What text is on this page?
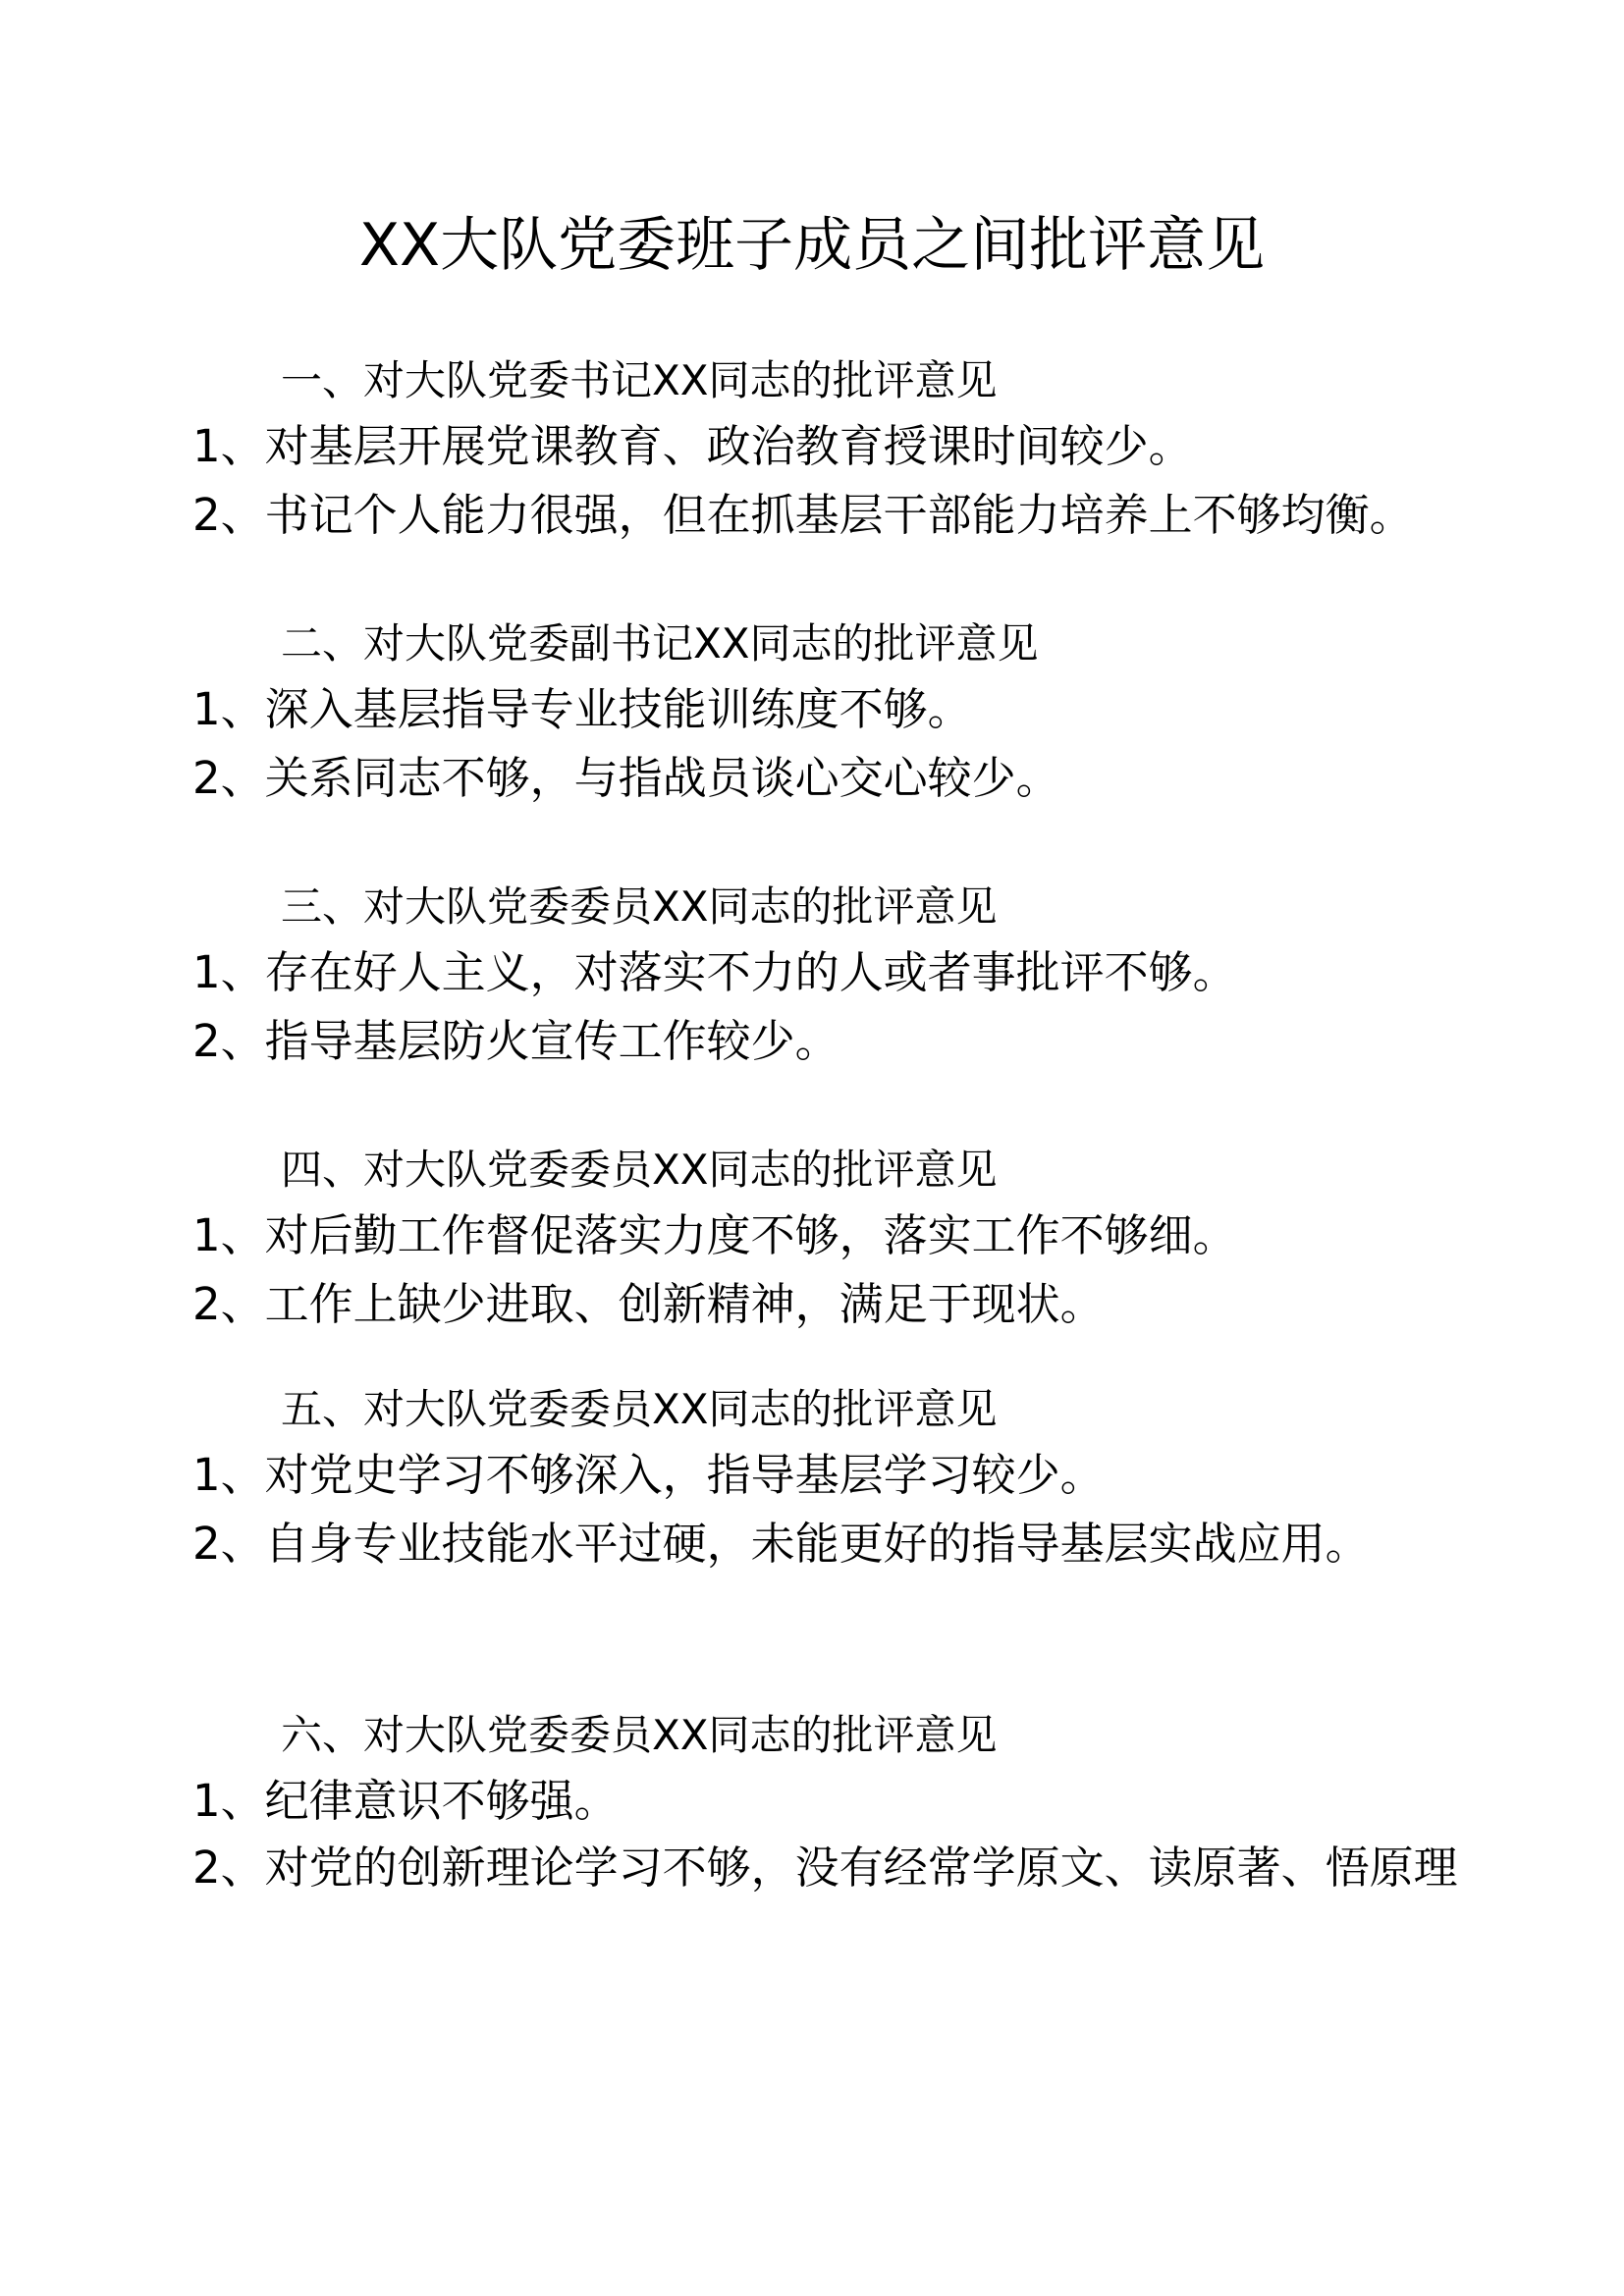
XX大队党委班子成员之间批评意见
一、对大队党委书记XX同志的批评意见
1、对基层开展党课教育、政治教育授课时间较少。
2、书记个人能力很强，但在抓基层干部能力培养上不够均衡。
二、对大队党委副书记XX同志的批评意见
1、深入基层指导专业技能训练度不够。
2、关系同志不够，与指战员谈心交心较少。
三、对大队党委委员XX同志的批评意见
1、存在好人主义，对落实不力的人或者事批评不够。
2、指导基层防火宣传工作较少。
四、对大队党委委员XX同志的批评意见
1、对后勤工作督促落实力度不够，落实工作不够细。
2、工作上缺少进取、创新精神，满足于现状。
五、对大队党委委员XX同志的批评意见
1、对党史学习不够深入，指导基层学习较少。
2、自身专业技能水平过硬，未能更好的指导基层实战应用。
六、对大队党委委员XX同志的批评意见
1、纪律意识不够强。
2、对党的创新理论学习不够，没有经常学原文、读原著、悟原理
